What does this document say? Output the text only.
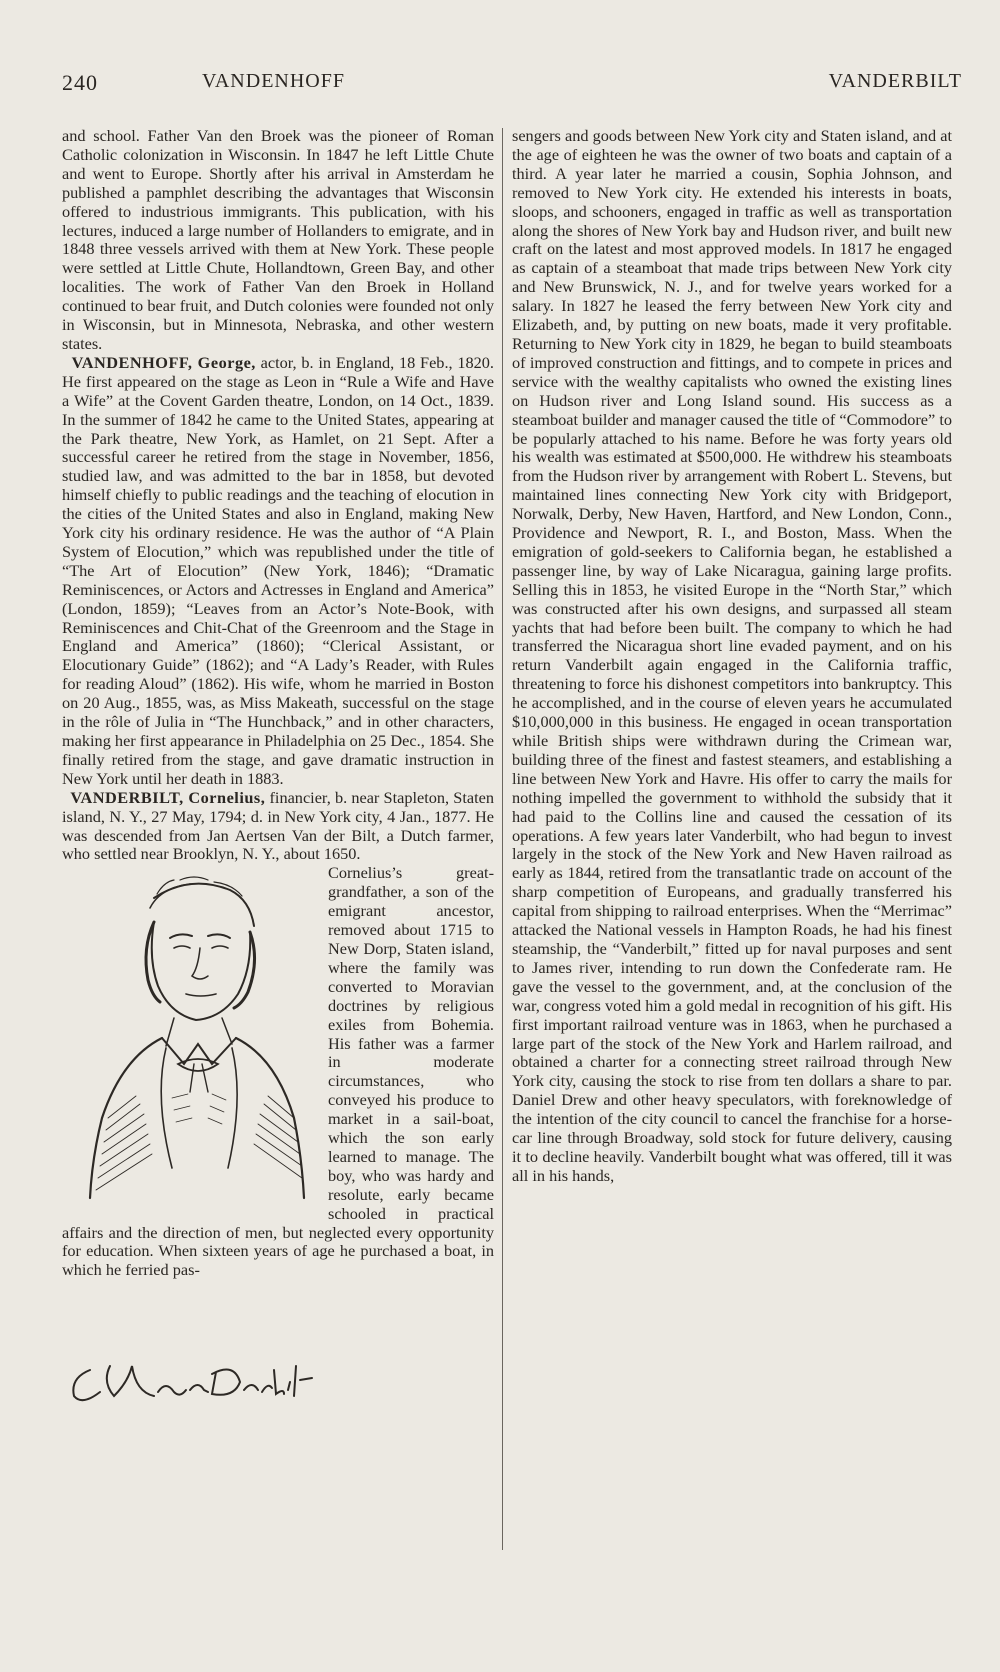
240	VANDENHOFF	VANDERBILT

and school. Father Van den Broek was the pioneer of Roman Catholic colonization in Wisconsin. In 1847 he left Little Chute and went to Europe. Shortly after his arrival in Amsterdam he published a pamphlet describing the advantages that Wisconsin offered to industrious immigrants. This publication, with his lectures, induced a large number of Hollanders to emigrate, and in 1848 three vessels arrived with them at New York. These people were settled at Little Chute, Hollandtown, Green Bay, and other localities. The work of Father Van den Broek in Holland continued to bear fruit, and Dutch colonies were founded not only in Wisconsin, but in Minnesota, Nebraska, and other western states.

VANDENHOFF, George, actor, b. in England, 18 Feb., 1820. He first appeared on the stage as Leon in “Rule a Wife and Have a Wife” at the Covent Garden theatre, London, on 14 Oct., 1839. In the summer of 1842 he came to the United States, appearing at the Park theatre, New York, as Hamlet, on 21 Sept. After a successful career he retired from the stage in November, 1856, studied law, and was admitted to the bar in 1858, but devoted himself chiefly to public readings and the teaching of elocution in the cities of the United States and also in England, making New York city his ordinary residence. He was the author of “A Plain System of Elocution,” which was republished under the title of “The Art of Elocution” (New York, 1846); “Dramatic Reminiscences, or Actors and Actresses in England and America” (London, 1859); “Leaves from an Actor’s Note-Book, with Reminiscences and Chit-Chat of the Greenroom and the Stage in England and America” (1860); “Clerical Assistant, or Elocutionary Guide” (1862); and “A Lady’s Reader, with Rules for reading Aloud” (1862). His wife, whom he married in Boston on 20 Aug., 1855, was, as Miss Makeath, successful on the stage in the rôle of Julia in “The Hunchback,” and in other characters, making her first appearance in Philadelphia on 25 Dec., 1854. She finally retired from the stage, and gave dramatic instruction in New York until her death in 1883.

VANDERBILT, Cornelius, financier, b. near Stapleton, Staten island, N. Y., 27 May, 1794; d. in New York city, 4 Jan., 1877. He was descended from Jan Aertsen Van der Bilt, a Dutch farmer, who settled near Brooklyn, N. Y., about 1650.

Cornelius’s great-grandfather, a son of the emigrant ancestor, removed about 1715 to New Dorp, Staten island, where the family was converted to Moravian doctrines by religious exiles from Bohemia. His father was a farmer in moderate circumstances, who conveyed his produce to market in a sail-boat, which the son early learned to manage. The boy, who was hardy and resolute, early became schooled in practical affairs and the direction of men, but neglected every opportunity for education. When sixteen years of age he purchased a boat, in which he ferried pas-

sengers and goods between New York city and Staten island, and at the age of eighteen he was the owner of two boats and captain of a third. A year later he married a cousin, Sophia Johnson, and removed to New York city. He extended his interests in boats, sloops, and schooners, engaged in traffic as well as transportation along the shores of New York bay and Hudson river, and built new craft on the latest and most approved models. In 1817 he engaged as captain of a steamboat that made trips between New York city and New Brunswick, N. J., and for twelve years worked for a salary. In 1827 he leased the ferry between New York city and Elizabeth, and, by putting on new boats, made it very profitable. Returning to New York city in 1829, he began to build steamboats of improved construction and fittings, and to compete in prices and service with the wealthy capitalists who owned the existing lines on Hudson river and Long Island sound. His success as a steamboat builder and manager caused the title of “Commodore” to be popularly attached to his name. Before he was forty years old his wealth was estimated at $500,000. He withdrew his steamboats from the Hudson river by arrangement with Robert L. Stevens, but maintained lines connecting New York city with Bridgeport, Norwalk, Derby, New Haven, Hartford, and New London, Conn., Providence and Newport, R. I., and Boston, Mass. When the emigration of gold-seekers to California began, he established a passenger line, by way of Lake Nicaragua, gaining large profits. Selling this in 1853, he visited Europe in the “North Star,” which was constructed after his own designs, and surpassed all steam yachts that had before been built. The company to which he had transferred the Nicaragua short line evaded payment, and on his return Vanderbilt again engaged in the California traffic, threatening to force his dishonest competitors into bankruptcy. This he accomplished, and in the course of eleven years he accumulated $10,000,000 in this business. He engaged in ocean transportation while British ships were withdrawn during the Crimean war, building three of the finest and fastest steamers, and establishing a line between New York and Havre. His offer to carry the mails for nothing impelled the government to withhold the subsidy that it had paid to the Collins line and caused the cessation of its operations. A few years later Vanderbilt, who had begun to invest largely in the stock of the New York and New Haven railroad as early as 1844, retired from the transatlantic trade on account of the sharp competition of Europeans, and gradually transferred his capital from shipping to railroad enterprises. When the “Merrimac” attacked the National vessels in Hampton Roads, he had his finest steamship, the “Vanderbilt,” fitted up for naval purposes and sent to James river, intending to run down the Confederate ram. He gave the vessel to the government, and, at the conclusion of the war, congress voted him a gold medal in recognition of his gift. His first important railroad venture was in 1863, when he purchased a large part of the stock of the New York and Harlem railroad, and obtained a charter for a connecting street railroad through New York city, causing the stock to rise from ten dollars a share to par. Daniel Drew and other heavy speculators, with foreknowledge of the intention of the city council to cancel the franchise for a horse-car line through Broadway, sold stock for future delivery, causing it to decline heavily. Vanderbilt bought what was offered, till it was all in his hands,
